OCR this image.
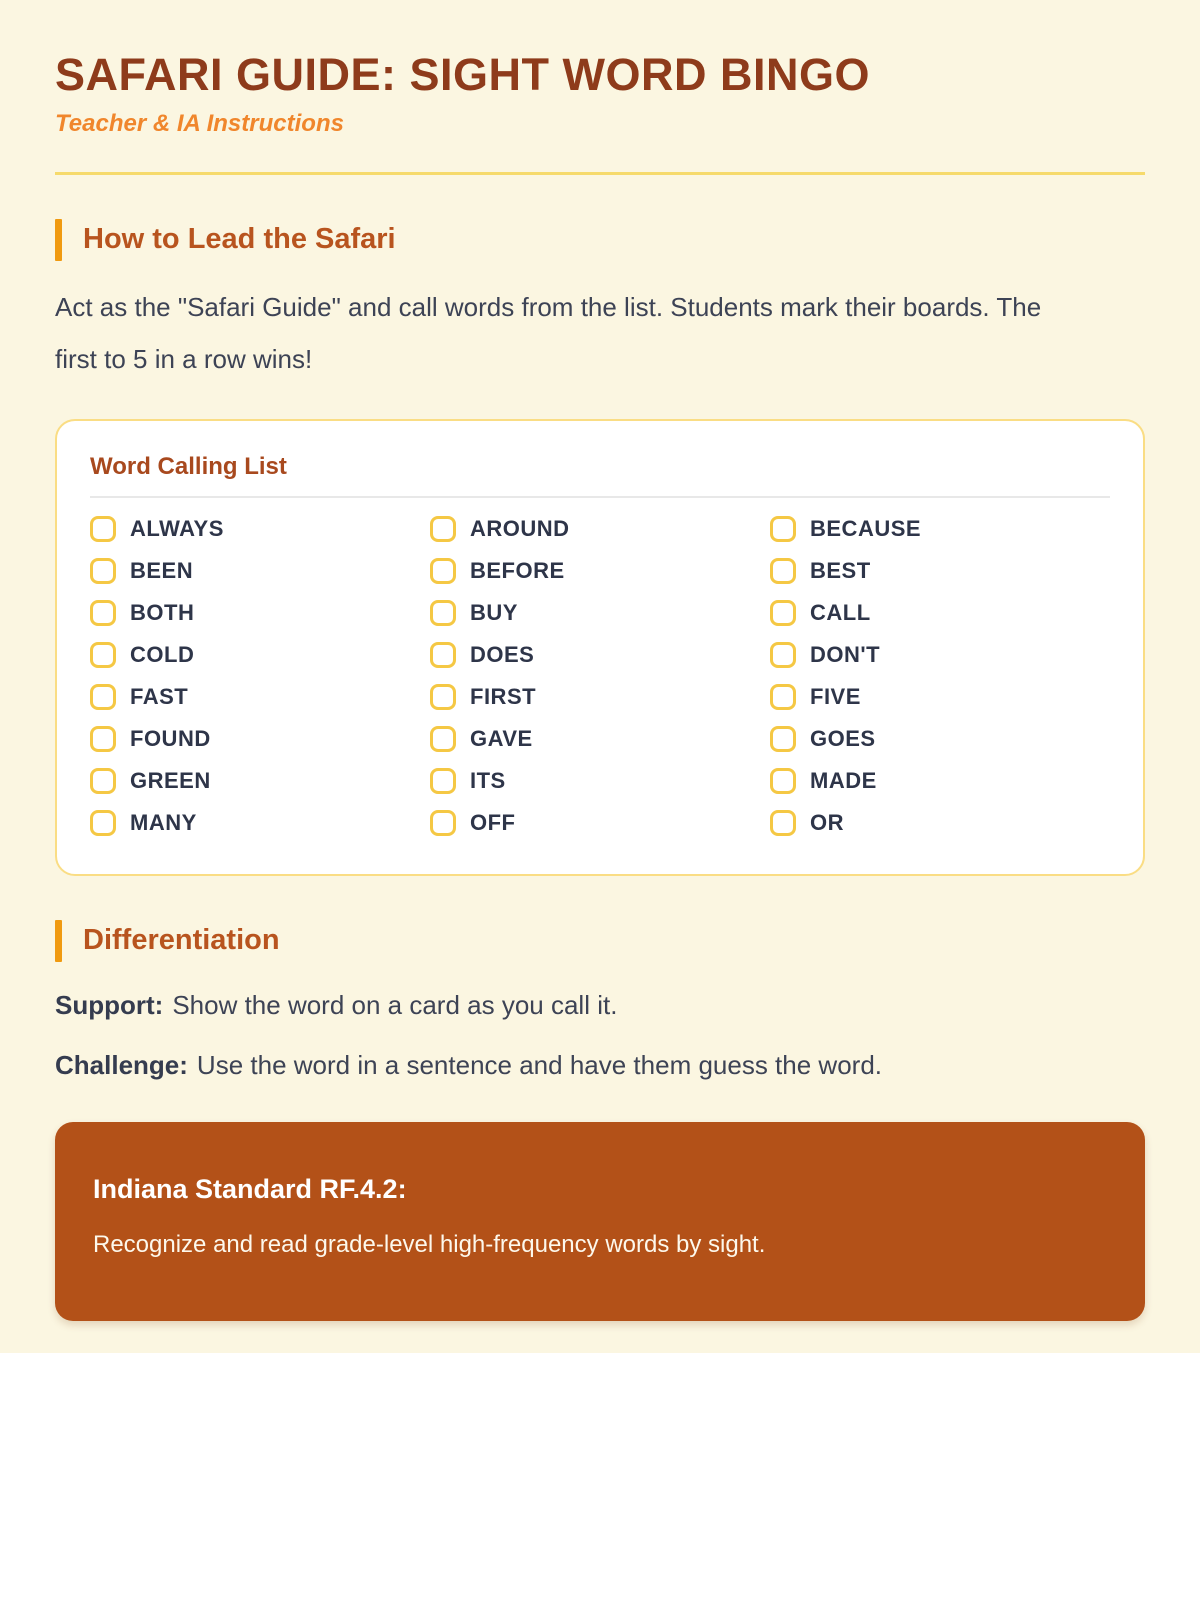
SAFARI GUIDE: SIGHT WORD BINGO
Teacher & IA Instructions
How to Lead the Safari

Act as the "Safari Guide" and call words from the list. Students mark their boards. The first to 5 in a row wins!

Word Calling List
ALWAYS
BEEN
BOTH
COLD
FAST
FOUND
GREEN
MANY
AROUND
BEFORE
BUY
DOES
FIRST
GAVE
ITS
OFF
BECAUSE
BEST
CALL
DON'T
FIVE
GOES
MADE
OR
Differentiation

Support: Show the word on a card as you call it.

Challenge: Use the word in a sentence and have them guess the word.

Indiana Standard RF.4.2:
Recognize and read grade-level high-frequency words by sight.
